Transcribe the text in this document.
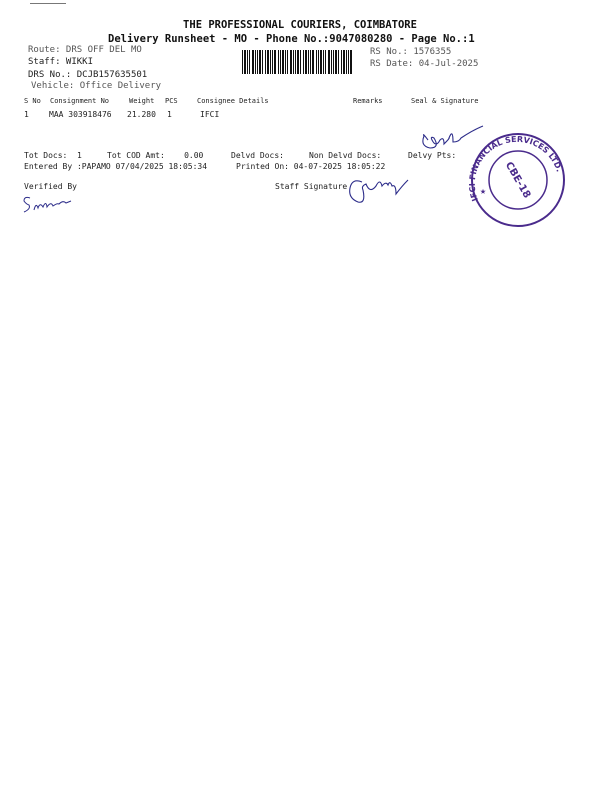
THE PROFESSIONAL COURIERS, COIMBATORE
Delivery Runsheet - MO - Phone No.:9047080280 - Page No.:1
Route: DRS OFF DEL MO
Staff: WIKKI
DRS No.: DCJB157635501
Vehicle: Office Delivery
RS No.: 1576355
RS Date: 04-Jul-2025
S No Consignment No	Weight PCS	Consignee Details	Remarks	Seal & Signature
1	MAA 303918476 21.280 1	IFCI
Tot Docs:  1	Tot COD Amt:    0.00	Delvd Docs:	Non Delvd Docs:	Delvy Pts:
Entered By :PAPAMO 07/04/2025 18:05:34	Printed On: 04-07-2025 18:05:22
Verified By	Staff Signature
IFCI FINANCIAL SERVICES LTD.
CBE-18
★
